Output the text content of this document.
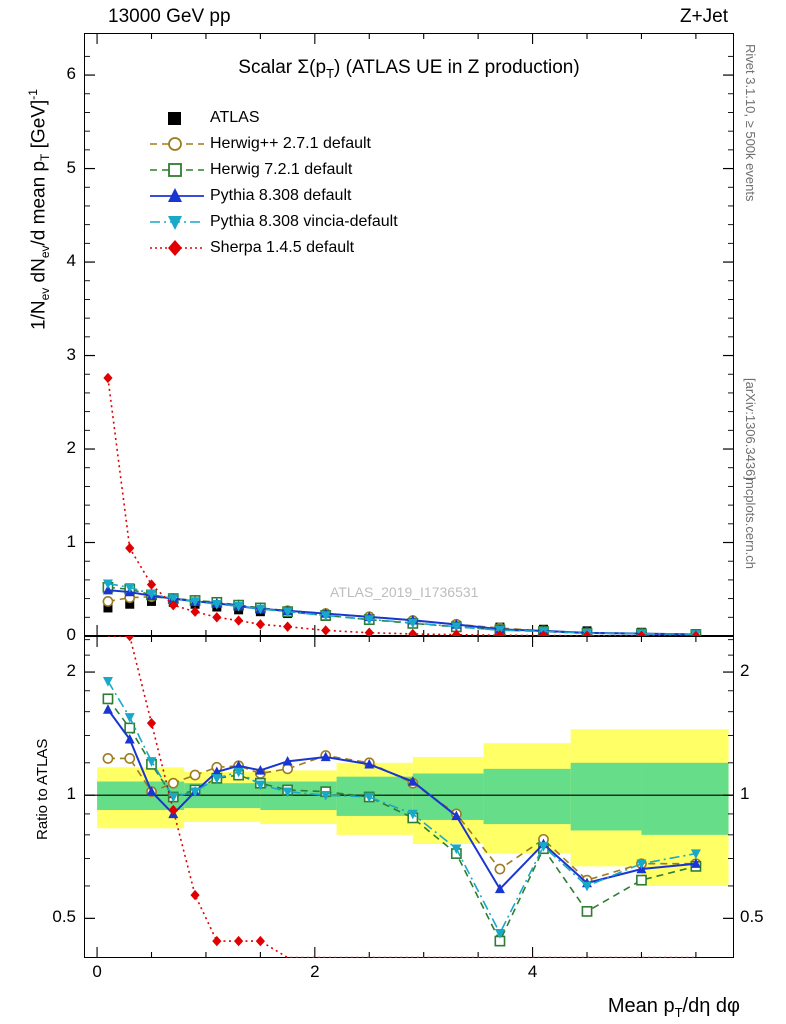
13000 GeV pp	Z+Jet
$1/N_{ev}$ $dN_{ev}/d$ mean $p_T$ [GeV]$^{-1}$
Ratio to ATLAS
Rivet 3.1.10, ≥ 500k events
[arXiv:1306.3436]
mcplots.cern.ch
Mean $p_T/d\eta$ dφ
Scalar $\Sigma(p_T)$ (ATLAS UE in Z production)
ATLAS_2019_I1736531
ATLAS
Herwig++ 2.7.1 default
Herwig 7.2.1 default
Pythia 8.308 default
Pythia 8.308 vincia-default
Sherpa 1.4.5 default
0
1
2
3
4
5
6
0.5
1
2
0.5
1
2
0	2	4
